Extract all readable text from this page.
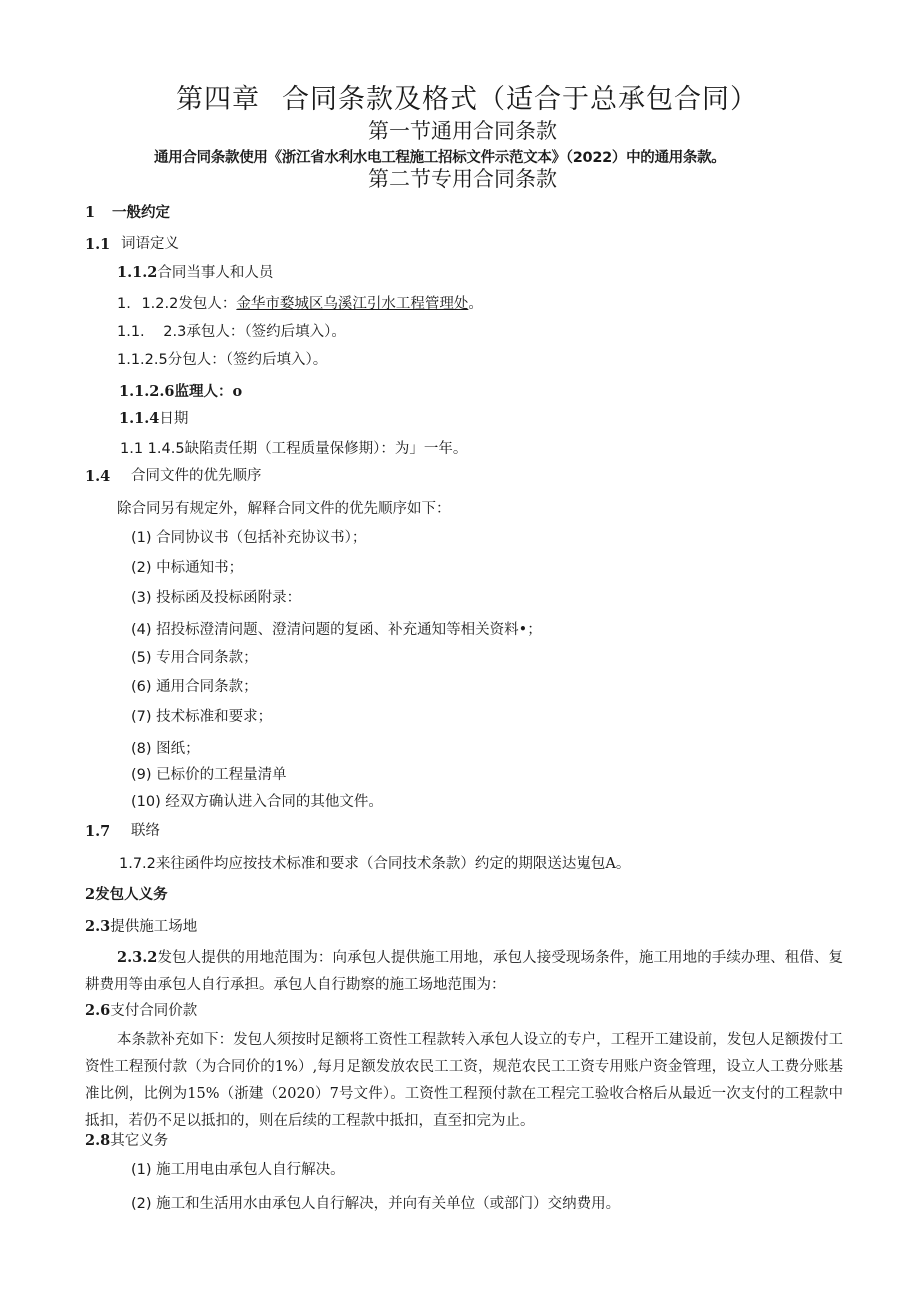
第四章 合同条款及格式（适合于总承包合同）
第一节通用合同条款
通用合同条款使用《浙江省水利水电工程施工招标文件示范文本》（2022）中的通用条款。
第二节专用合同条款
1 一般约定
1.1 词语定义
1.1.2合同当事人和人员
1. 1.2.2发包人：金华市婺城区乌溪江引水工程管理处。
1.1. 2.3承包人：（签约后填入）。
1.1.2.5分包人：（签约后填入）。
1.1.2.6监理人：o
1.1.4日期
1.1 1.4.5缺陷责任期（工程质量保修期）：为」一年。
1.4 合同文件的优先顺序
除合同另有规定外，解释合同文件的优先顺序如下：
(1) 合同协议书（包括补充协议书）；
(2) 中标通知书；
(3) 投标函及投标函附录：
(4) 招投标澄清问题、澄清问题的复函、补充通知等相关资料•；
(5) 专用合同条款；
(6) 通用合同条款；
(7) 技术标准和要求；
(8) 图纸；
(9) 已标价的工程量清单
(10) 经双方确认进入合同的其他文件。
1.7 联络
1.7.2来往函件均应按技术标准和要求（合同技术条款）约定的期限送达嵬包A。
2发包人义务
2.3提供施工场地
2.3.2发包人提供的用地范围为：向承包人提供施工用地，承包人接受现场条件，施工用地的手续办理、租借、复耕费用等由承包人自行承担。承包人自行勘察的施工场地范围为：
2.6支付合同价款
本条款补充如下：发包人须按时足额将工资性工程款转入承包人设立的专户，工程开工建设前，发包人足额拨付工资性工程预付款（为合同价的1%）,每月足额发放农民工工资，规范农民工工资专用账户资金管理，设立人工费分账基准比例，比例为15%（浙建（2020）7号文件）。工资性工程预付款在工程完工验收合格后从最近一次支付的工程款中抵扣，若仍不足以抵扣的，则在后续的工程款中抵扣，直至扣完为止。
2.8其它义务
(1) 施工用电由承包人自行解决。
(2) 施工和生活用水由承包人自行解决，并向有关单位（或部门）交纳费用。
